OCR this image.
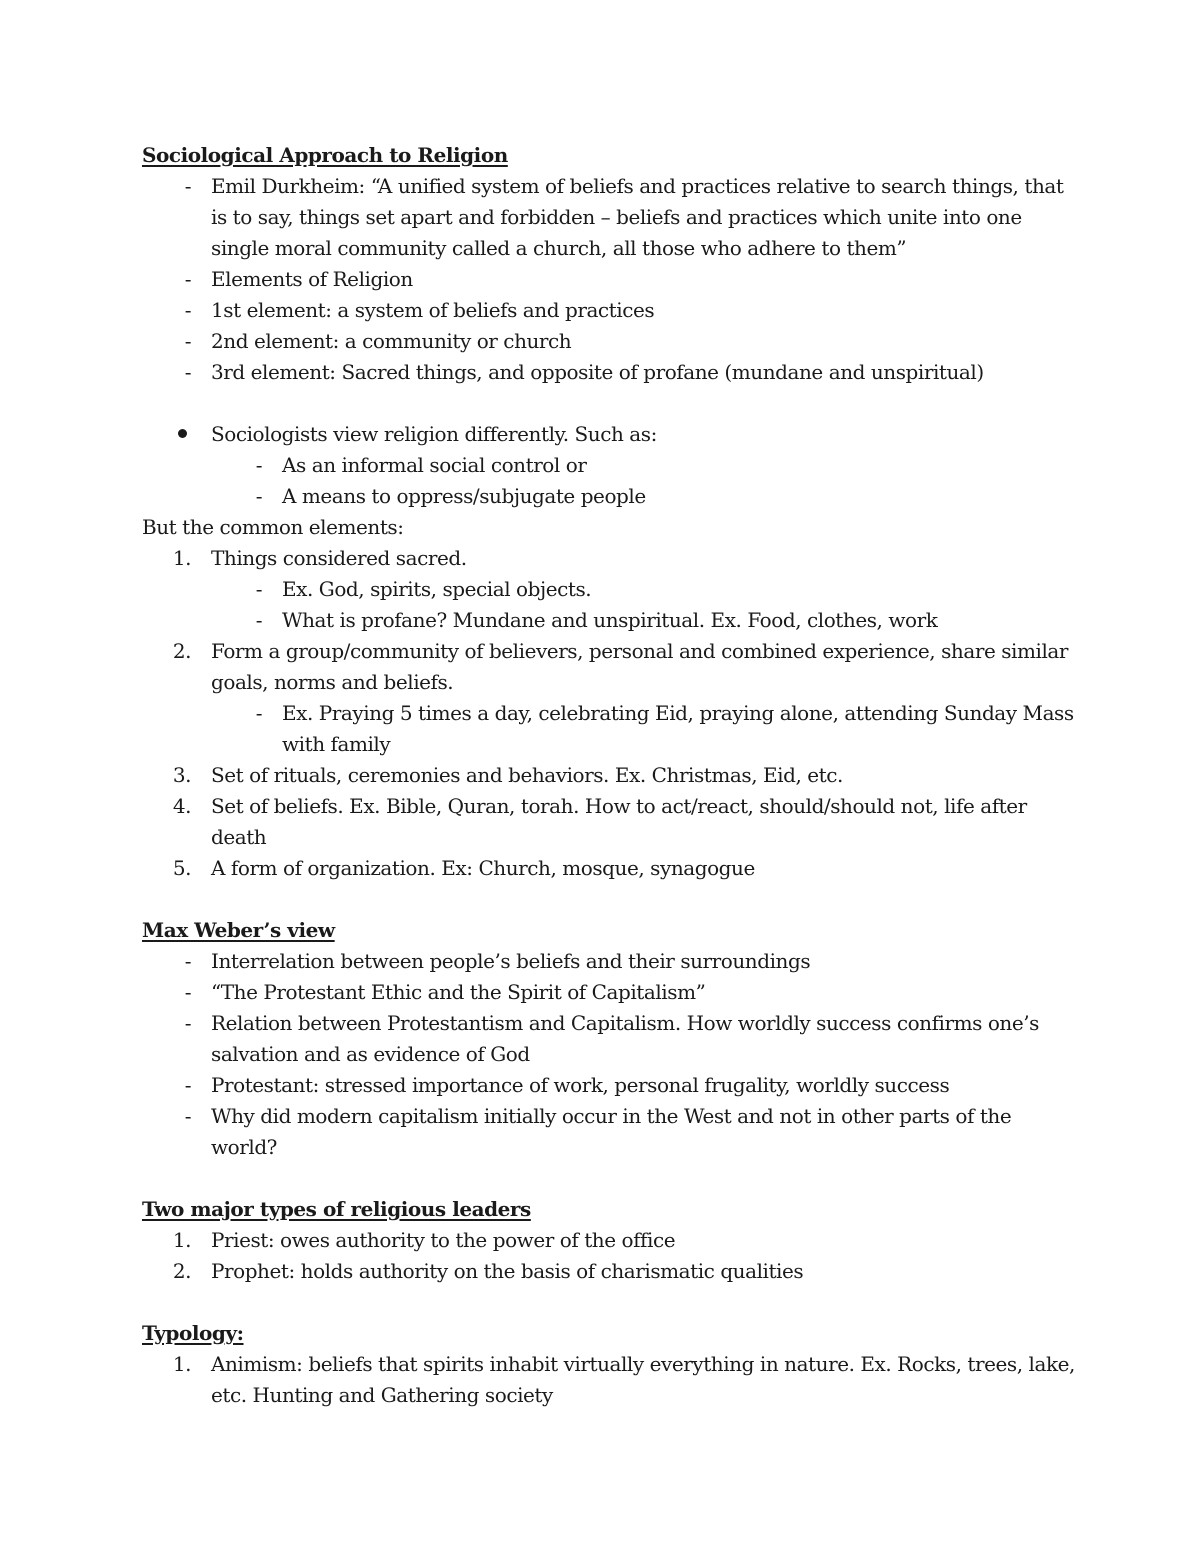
Sociological Approach to Religion

-	Emil Durkheim: “A unified system of beliefs and practices relative to search things, that is to say, things set apart and forbidden – beliefs and practices which unite into one single moral community called a church, all those who adhere to them”
-	Elements of Religion
-	1st element: a system of beliefs and practices
-	2nd element: a community or church
-	3rd element: Sacred things, and opposite of profane (mundane and unspiritual)
Sociologists view religion differently. Such as:
-	As an informal social control or
-	A means to oppress/subjugate people

But the common elements:

1.	Things considered sacred.
-	Ex. God, spirits, special objects.
-	What is profane? Mundane and unspiritual. Ex. Food, clothes, work
2.	Form a group/community of believers, personal and combined experience, share similar goals, norms and beliefs.
-	Ex. Praying 5 times a day, celebrating Eid, praying alone, attending Sunday Mass with family
3.	Set of rituals, ceremonies and behaviors. Ex. Christmas, Eid, etc.
4.	Set of beliefs. Ex. Bible, Quran, torah. How to act/react, should/should not, life after death
5.	A form of organization. Ex: Church, mosque, synagogue

Max Weber’s view

-	Interrelation between people’s beliefs and their surroundings
-	“The Protestant Ethic and the Spirit of Capitalism”
-	Relation between Protestantism and Capitalism. How worldly success confirms one’s salvation and as evidence of God
-	Protestant: stressed importance of work, personal frugality, worldly success
-	Why did modern capitalism initially occur in the West and not in other parts of the world?

Two major types of religious leaders

1.	Priest: owes authority to the power of the office
2.	Prophet: holds authority on the basis of charismatic qualities

Typology:

1.	Animism: beliefs that spirits inhabit virtually everything in nature. Ex. Rocks, trees, lake, etc. Hunting and Gathering society
